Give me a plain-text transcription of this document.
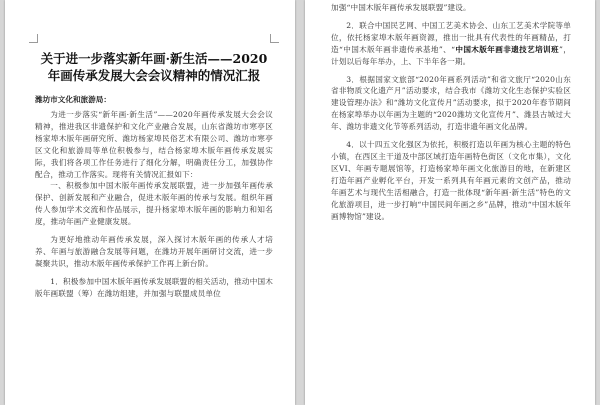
关于进一步落实新年画·新生活——2020
年画传承发展大会会议精神的情况汇报
潍坊市文化和旅游局：

为进一步落实“新年画·新生活”——2020年画传承发展大会会议精神，推进我区非遗保护和文化产业融合发展，山东省潍坊市寒亭区杨家埠木版年画研究所、潍坊杨家埠民俗艺术有限公司、潍坊市寒亭区文化和旅游局等单位积极参与，结合杨家埠木版年画传承发展实际，我们将各项工作任务进行了细化分解，明确责任分工，加强协作配合，推动工作落实。现将有关情况汇报如下：

一、积极参加中国木版年画传承发展联盟，进一步加强年画传承保护、创新发展和产业融合，促进木版年画的传承与发展。组织年画传人参加学术交流和作品展示，提升杨家埠木版年画的影响力和知名度，推动年画产业健康发展。

为更好地推动年画传承发展，深入探讨木版年画的传承人才培养、年画与旅游融合发展等问题，在潍坊开展年画研讨交流，进一步凝聚共识，推动木版年画传承保护工作再上新台阶。

1．积极参加中国木版年画传承发展联盟的相关活动，推动中国木版年画联盟（筹）在潍坊组建，并加强与联盟成员单位

加强“中国木版年画传承发展联盟”建设。

2．联合中国民艺网、中国工艺美术协会、山东工艺美术学院等单位，依托杨家埠木版年画资源，推出一批具有代表性的年画精品，打造“中国木版年画非遗传承基地”、“中国木版年画非遗技艺培训班”，计划以后每年举办，上、下半年各一期。

3．根据国家文旅部“2020年画系列活动”和省文旅厅“2020山东省非物质文化遗产月”活动要求，结合我市《潍坊文化生态保护实验区建设管理办法》和“潍坊文化宣传月”活动要求，拟于2020年春节期间在杨家埠举办以年画为主题的“2020潍坊文化宣传月”、潍县古城过大年、潍坊非遗文化节等系列活动，打造非遗年画文化品牌。

4．以十四五文化强区为依托，积极打造以年画为核心主题的特色小镇，在西区主干道及中部区域打造年画特色街区（文化市集），文化区VI、年画专题展馆等，打造杨家埠年画文化旅游目的地，在新建区打造年画产业孵化平台，开发一系列具有年画元素的文创产品，推动年画艺术与现代生活相融合，打造一批体现“新年画·新生活”特色的文化旅游项目，进一步打响“中国民间年画之乡”品牌，推动“中国木版年画博物馆”建设。
